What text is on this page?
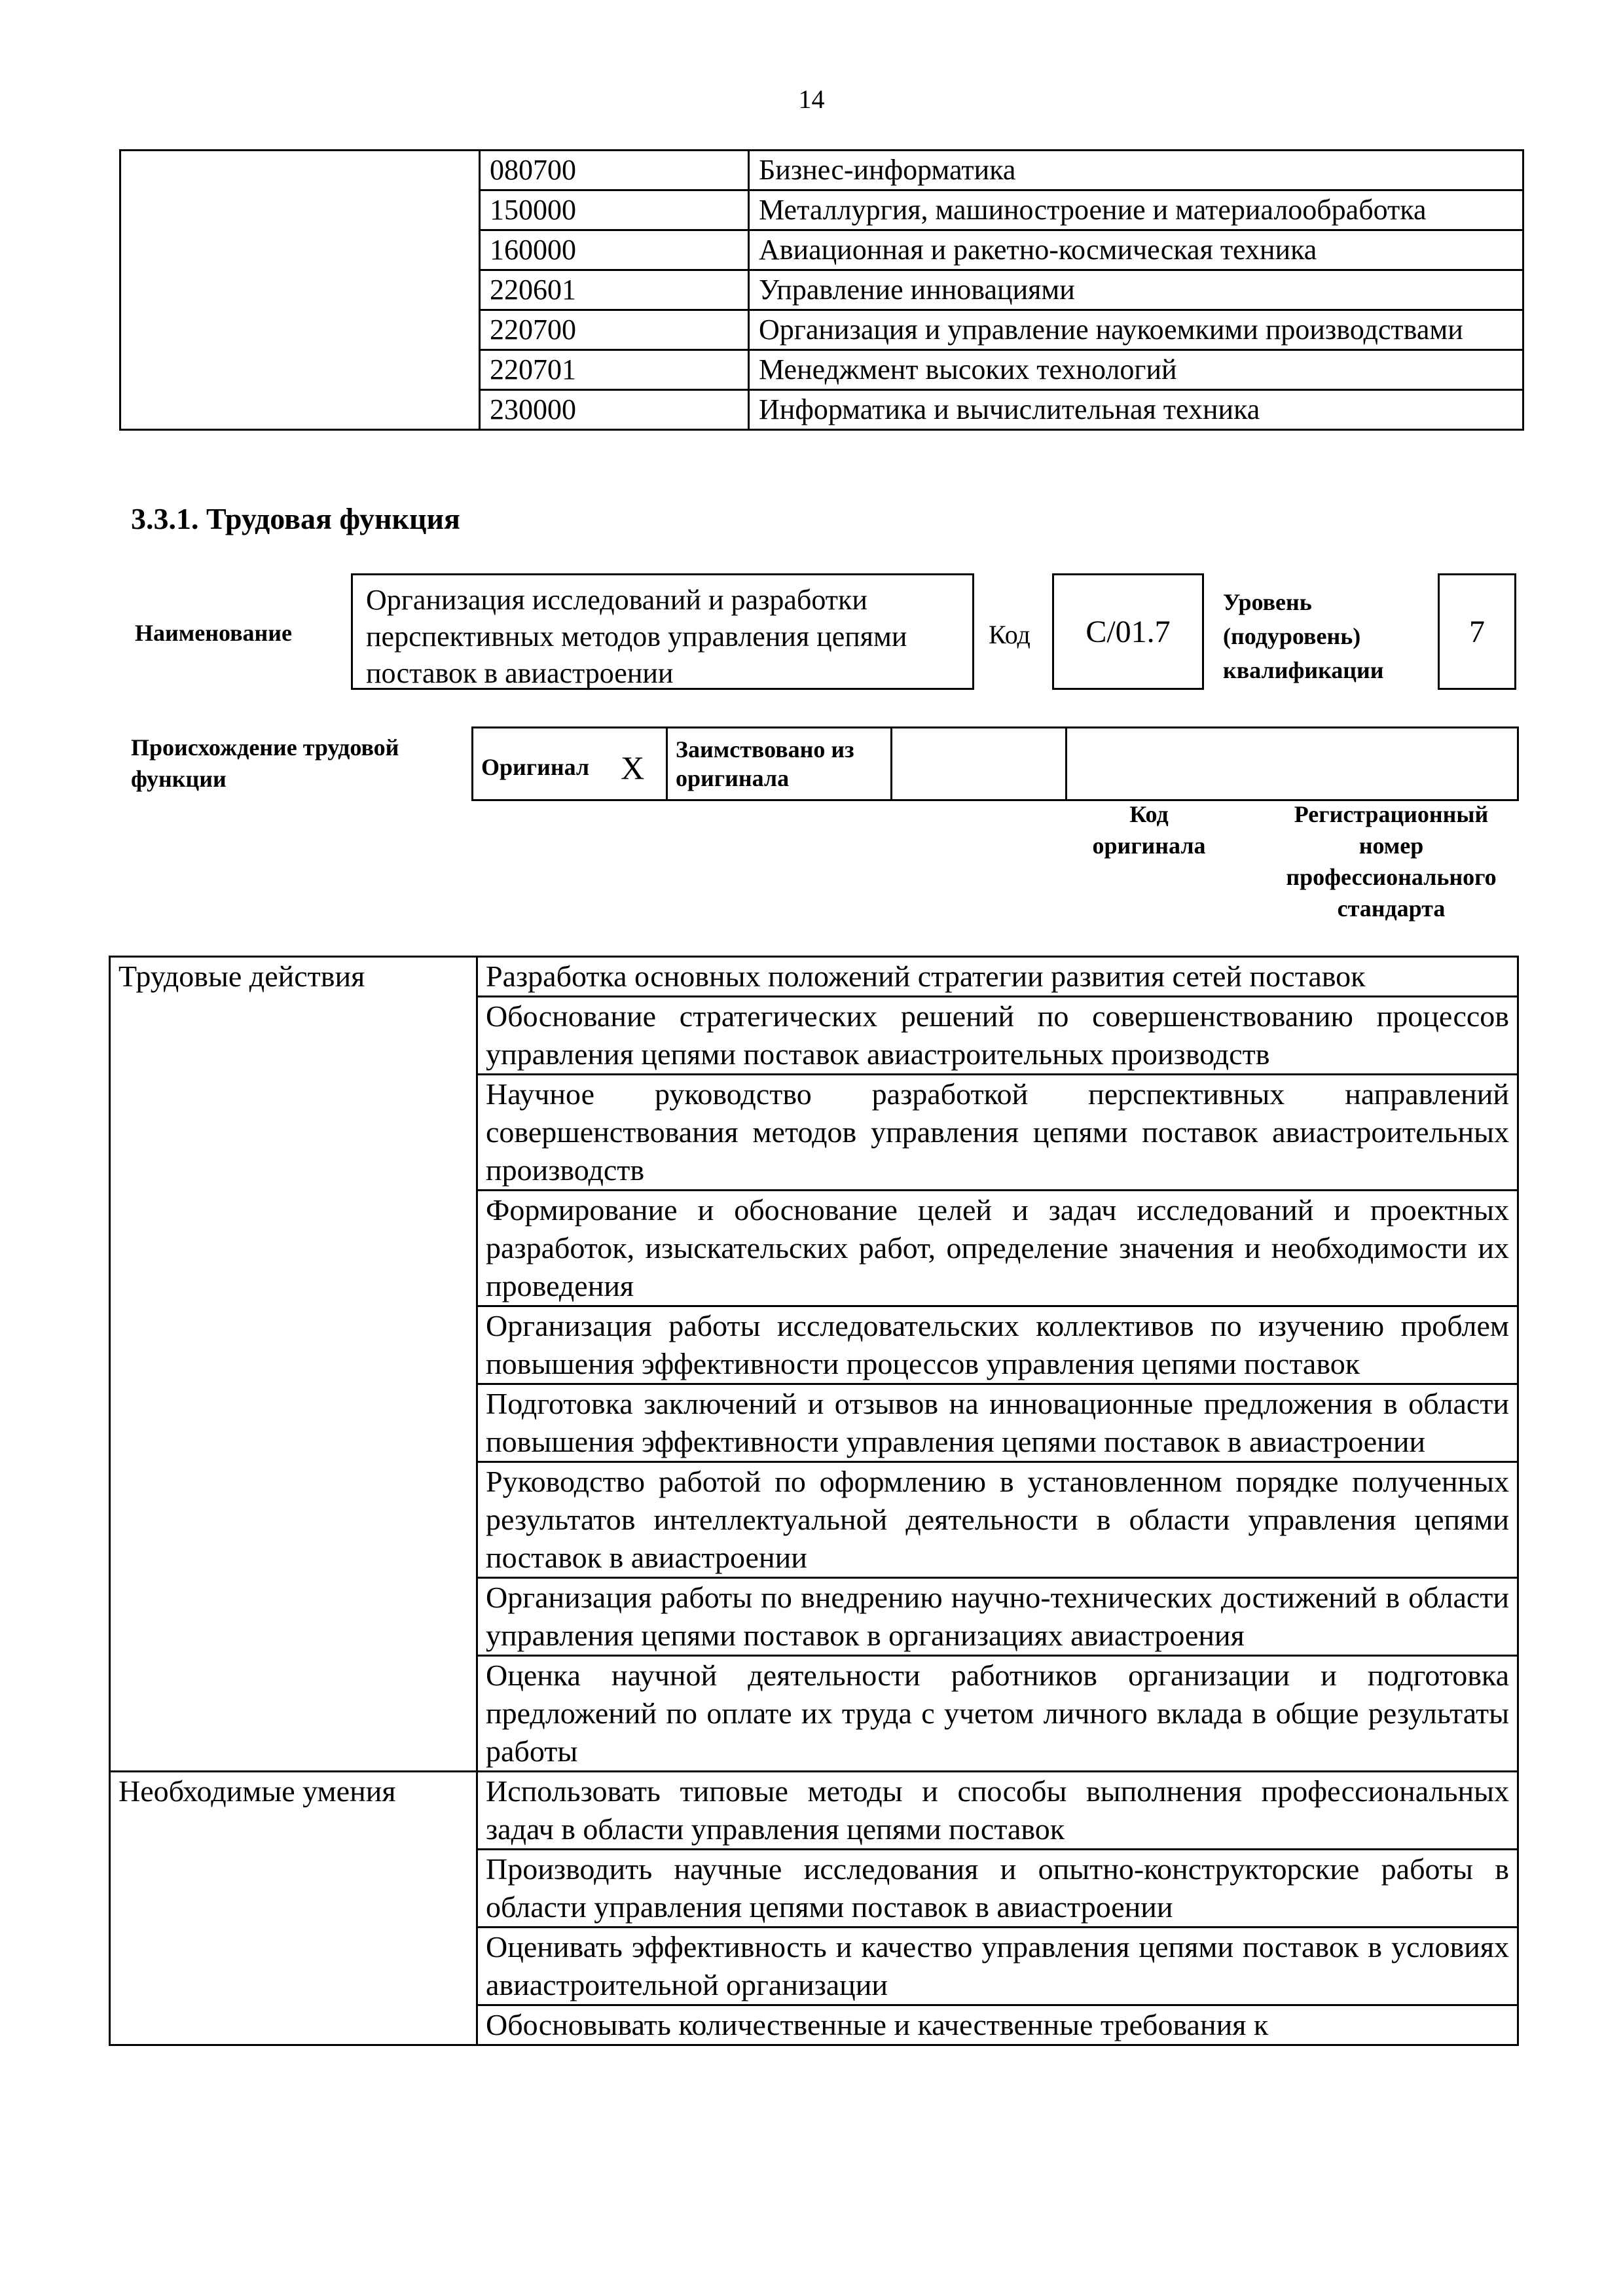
14
	080700	Бизнес-информатика
	150000	Металлургия, машиностроение и материалообработка
	160000	Авиационная и ракетно-космическая техника
	220601	Управление инновациями
	220700	Организация и управление наукоемкими производствами
	220701	Менеджмент высоких технологий
	230000	Информатика и вычислительная техника
3.3.1. Трудовая функция
Наименование
Организация исследований и разработки перспективных методов управления цепями поставок в авиастроении
Код	C/01.7
Уровень
(подуровень)
квалификации
7
Происхождение трудовой
функции	Оригинал X	Заимствовано из оригинала		
Код
оригинала
Регистрационный
номер
профессионального
стандарта
Трудовые действия	Разработка основных положений стратегии развития сетей поставок
	Обоснование стратегических решений по совершенствованию процессов управления цепями поставок авиастроительных производств
	Научное руководство разработкой перспективных направлений совершенствования методов управления цепями поставок авиастроительных производств
	Формирование и обоснование целей и задач исследований и проектных разработок, изыскательских работ, определение значения и необходимости их проведения
	Организация работы исследовательских коллективов по изучению проблем повышения эффективности процессов управления цепями поставок
	Подготовка заключений и отзывов на инновационные предложения в области повышения эффективности управления цепями поставок в авиастроении
	Руководство работой по оформлению в установленном порядке полученных результатов интеллектуальной деятельности в области управления цепями поставок в авиастроении
	Организация работы по внедрению научно-технических достижений в области управления цепями поставок в организациях авиастроения
	Оценка научной деятельности работников организации и подготовка предложений по оплате их труда с учетом личного вклада в общие результаты работы
Необходимые умения	Использовать типовые методы и способы выполнения профессиональных задач в области управления цепями поставок
	Производить научные исследования и опытно-конструкторские работы в области управления цепями поставок в авиастроении
	Оценивать эффективность и качество управления цепями поставок в условиях авиастроительной организации
	Обосновывать количественные и качественные требования к
